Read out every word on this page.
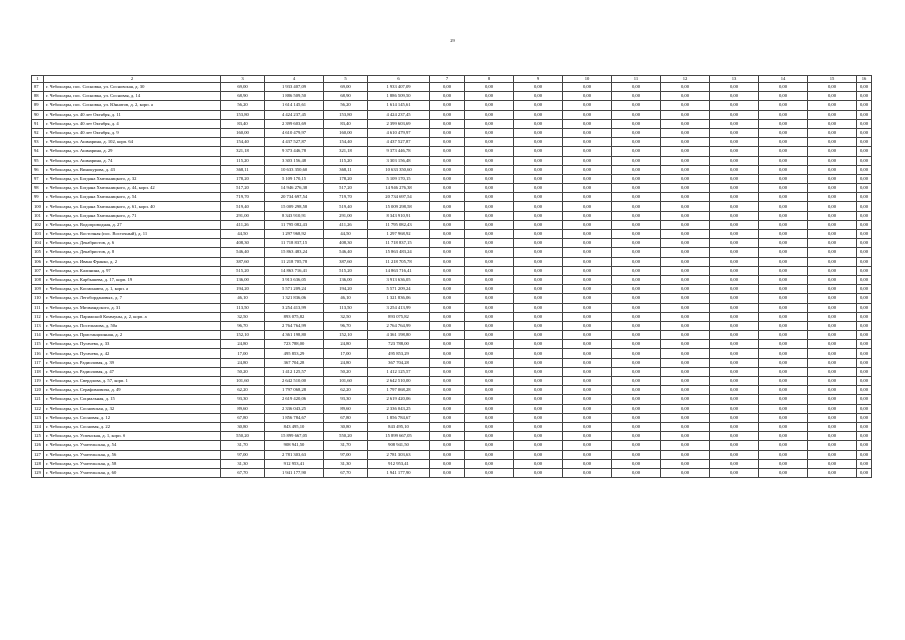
29
1	2	3	4	5	6	7	8	9	10	11	12	13	14	15	16
87	г. Чебоксары, пос. Сосновка, ул. Сосновская, д. 30	69,00	1 933 407,09	69,00	1 933 407,09	0,00	0,00	0,00	0,00	0,00	0,00	0,00	0,00	0,00	0,00
88	г. Чебоксары, пос. Сосновка, ул. Сосновая, д. 14	68,90	1 886 509,50	68,90	1 886 509,50	0,00	0,00	0,00	0,00	0,00	0,00	0,00	0,00	0,00	0,00
89	г. Чебоксары, пос. Сосновка, ул. Юннатов, д. 2, корп. а	56,20	1 614 145,61	56,20	1 614 145,61	0,00	0,00	0,00	0,00	0,00	0,00	0,00	0,00	0,00	0,00
90	г. Чебоксары, ул. 40 лет Октября, д. 11	153,80	4 424 237,45	153,80	4 424 237,45	0,00	0,00	0,00	0,00	0,00	0,00	0,00	0,00	0,00	0,00
91	г. Чебоксары, ул. 40 лет Октября, д. 4	83,40	2 399 603,69	83,40	2 399 603,69	0,00	0,00	0,00	0,00	0,00	0,00	0,00	0,00	0,00	0,00
92	г. Чебоксары, ул. 40 лет Октября, д. 9	160,00	4 610 479,97	160,00	4 610 479,97	0,00	0,00	0,00	0,00	0,00	0,00	0,00	0,00	0,00	0,00
93	г. Чебоксары, ул. Ашмарина, д. 102, корп. 64	154,40	4 437 527,87	154,40	4 437 527,87	0,00	0,00	0,00	0,00	0,00	0,00	0,00	0,00	0,00	0,00
94	г. Чебоксары, ул. Ашмарина, д. 29	321,18	9 373 446,78	321,18	9 373 446,78	0,00	0,00	0,00	0,00	0,00	0,00	0,00	0,00	0,00	0,00
95	г. Чебоксары, ул. Ашмарина, д. 74	115,20	3 303 156,48	115,20	3 303 156,48	0,00	0,00	0,00	0,00	0,00	0,00	0,00	0,00	0,00	0,00
96	г. Чебоксары, ул. Винокурова, д. 43	368,11	10 633 350,60	368,11	10 633 350,60	0,00	0,00	0,00	0,00	0,00	0,00	0,00	0,00	0,00	0,00
97	г. Чебоксары, ул. Богдана Хмельницкого, д. 32	178,20	5 109 170,15	178,20	5 109 170,15	0,00	0,00	0,00	0,00	0,00	0,00	0,00	0,00	0,00	0,00
98	г. Чебоксары, ул. Богдана Хмельницкого, д. 44, корп. 42	517,20	14 946 276,38	517,20	14 946 276,38	0,00	0,00	0,00	0,00	0,00	0,00	0,00	0,00	0,00	0,00
99	г. Чебоксары, ул. Богдана Хмельницкого, д. 54	719,70	20 734 697,54	719,70	20 734 697,54	0,00	0,00	0,00	0,00	0,00	0,00	0,00	0,00	0,00	0,00
100	г. Чебоксары, ул. Богдана Хмельницкого, д. 61, корп. 40	519,40	15 009 298,58	519,40	15 009 298,58	0,00	0,00	0,00	0,00	0,00	0,00	0,00	0,00	0,00	0,00
101	г. Чебоксары, ул. Богдана Хмельницкого, д. 71	291,00	8 343 910,91	291,00	8 343 910,91	0,00	0,00	0,00	0,00	0,00	0,00	0,00	0,00	0,00	0,00
102	г. Чебоксары, ул. Водопроводная, д. 27	411,26	11 795 082,43	411,26	11 795 082,43	0,00	0,00	0,00	0,00	0,00	0,00	0,00	0,00	0,00	0,00
103	г. Чебоксары, ул. Восточная (пос. Восточный), д. 11	44,50	1 297 968,92	44,50	1 297 968,92	0,00	0,00	0,00	0,00	0,00	0,00	0,00	0,00	0,00	0,00
104	г. Чебоксары, ул. Декабристов, д. 6	408,30	11 718 837,15	408,30	11 718 837,15	0,00	0,00	0,00	0,00	0,00	0,00	0,00	0,00	0,00	0,00
105	г. Чебоксары, ул. Декабристов, д. 8	546,40	15 863 483,24	546,40	15 863 483,24	0,00	0,00	0,00	0,00	0,00	0,00	0,00	0,00	0,00	0,00
106	г. Чебоксары, ул. Ивана Франко, д. 2	387,60	11 218 705,78	387,60	11 218 705,78	0,00	0,00	0,00	0,00	0,00	0,00	0,00	0,00	0,00	0,00
107	г. Чебоксары, ул. Калинина, д. 97	515,20	14 863 716,41	515,20	14 863 716,41	0,00	0,00	0,00	0,00	0,00	0,00	0,00	0,00	0,00	0,00
108	г. Чебоксары, ул. Карбышева, д. 17, корп. 19	136,00	3 913 636,05	136,00	3 913 636,05	0,00	0,00	0,00	0,00	0,00	0,00	0,00	0,00	0,00	0,00
109	г. Чебоксары, ул. Космонавта, д. 1, корп. а	194,20	5 571 209,24	194,20	5 571 209,24	0,00	0,00	0,00	0,00	0,00	0,00	0,00	0,00	0,00	0,00
110	г. Чебоксары, ул. Легобордановых, д. 7	46,10	1 321 836,06	46,10	1 321 836,06	0,00	0,00	0,00	0,00	0,00	0,00	0,00	0,00	0,00	0,00
111	г. Чебоксары, ул. Мичмандского, д. 31	113,50	3 254 413,99	113,50	3 254 413,99	0,00	0,00	0,00	0,00	0,00	0,00	0,00	0,00	0,00	0,00
112	г. Чебоксары, ул. Парижской Коммуны, д. 2, корп. а	32,50	893 075,82	32,50	893 075,82	0,00	0,00	0,00	0,00	0,00	0,00	0,00	0,00	0,00	0,00
113	г. Чебоксары, ул. Посельмова, д. 50а	96,70	2 764 764,99	96,70	2 764 764,99	0,00	0,00	0,00	0,00	0,00	0,00	0,00	0,00	0,00	0,00
114	г. Чебоксары, ул. Пристанционная, д. 2	152,10	4 361 198,80	152,10	4 361 198,80	0,00	0,00	0,00	0,00	0,00	0,00	0,00	0,00	0,00	0,00
115	г. Чебоксары, ул. Пугачева, д. 33	24,80	723 788,00	24,80	723 788,00	0,00	0,00	0,00	0,00	0,00	0,00	0,00	0,00	0,00	0,00
116	г. Чебоксары, ул. Пугачева, д. 42	17,00	495 853,29	17,00	495 853,29	0,00	0,00	0,00	0,00	0,00	0,00	0,00	0,00	0,00	0,00
117	г. Чебоксары, ул. Радиоловая, д. 39	24,80	367 704,28	24,80	367 704,28	0,00	0,00	0,00	0,00	0,00	0,00	0,00	0,00	0,00	0,00
118	г. Чебоксары, ул. Радиоловая, д. 47	50,20	1 412 125,57	50,20	1 412 125,57	0,00	0,00	0,00	0,00	0,00	0,00	0,00	0,00	0,00	0,00
119	г. Чебоксары, ул. Свердлова, д. 57, корп. 1	101,60	2 642 510,00	101,60	2 642 510,00	0,00	0,00	0,00	0,00	0,00	0,00	0,00	0,00	0,00	0,00
120	г. Чебоксары, ул. Серафимовича, д. 49	62,20	1 797 068,28	62,20	1 797 068,28	0,00	0,00	0,00	0,00	0,00	0,00	0,00	0,00	0,00	0,00
121	г. Чебоксары, ул. Социальная, д. 15	93,30	2 619 420,06	93,30	2 619 420,06	0,00	0,00	0,00	0,00	0,00	0,00	0,00	0,00	0,00	0,00
122	г. Чебоксары, ул. Сосновская, д. 32	89,60	2 336 043,25	89,60	2 336 043,25	0,00	0,00	0,00	0,00	0,00	0,00	0,00	0,00	0,00	0,00
123	г. Чебоксары, ул. Сосновая, д. 12	67,80	1 856 784,67	67,80	1 856 784,67	0,00	0,00	0,00	0,00	0,00	0,00	0,00	0,00	0,00	0,00
124	г. Чебоксары, ул. Сосновая, д. 22	30,80	843 495,10	30,80	843 495,10	0,00	0,00	0,00	0,00	0,00	0,00	0,00	0,00	0,00	0,00
125	г. Чебоксары, ул. Успенская, д. 1, корп. б	550,20	15 899 667,05	550,20	15 899 667,05	0,00	0,00	0,00	0,00	0,00	0,00	0,00	0,00	0,00	0,00
126	г. Чебоксары, ул. Учительская, д. 54	31,70	908 941,50	31,70	908 941,50	0,00	0,00	0,00	0,00	0,00	0,00	0,00	0,00	0,00	0,00
127	г. Чебоксары, ул. Учительская, д. 56	97,00	2 781 303,63	97,00	2 781 303,63	0,00	0,00	0,00	0,00	0,00	0,00	0,00	0,00	0,00	0,00
128	г. Чебоксары, ул. Учительская, д. 58	31,30	912 953,41	31,30	912 953,41	0,00	0,00	0,00	0,00	0,00	0,00	0,00	0,00	0,00	0,00
129	г. Чебоксары, ул. Учительская, д. 60	67,70	1 941 177,90	67,70	1 941 177,90	0,00	0,00	0,00	0,00	0,00	0,00	0,00	0,00	0,00	0,00
